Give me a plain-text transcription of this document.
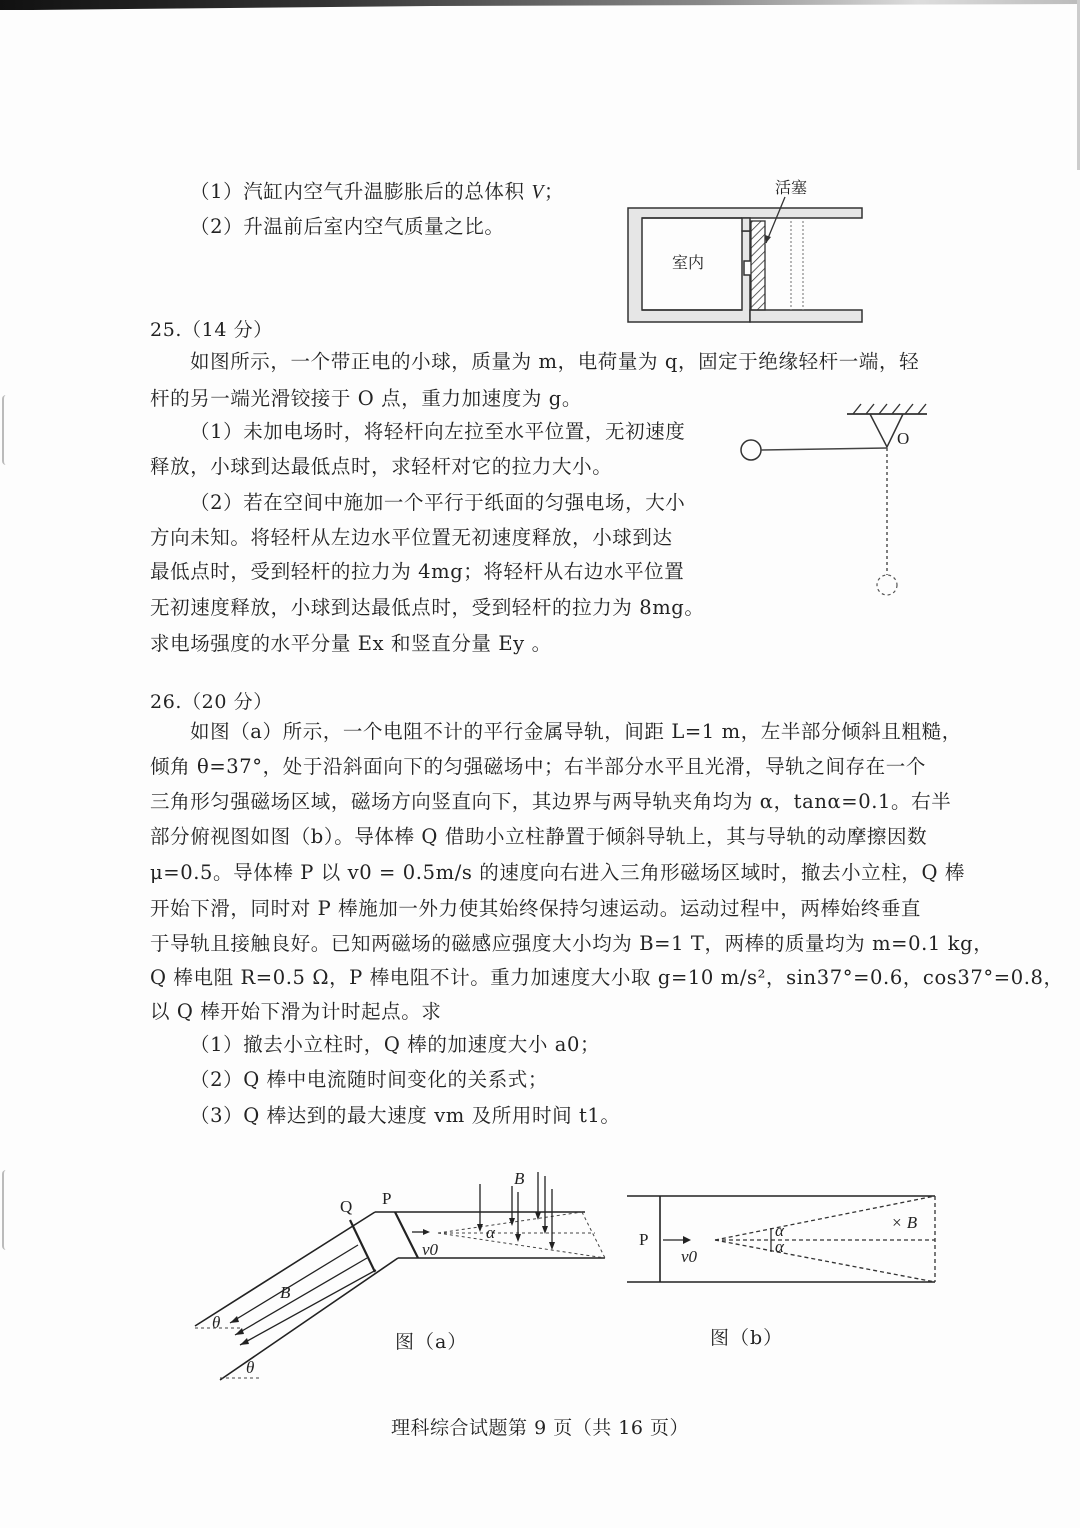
（1）汽缸内空气升温膨胀后的总体积 V；
（2）升温前后室内空气质量之比。
活塞
室内
25.（14 分）
如图所示，一个带正电的小球，质量为 m，电荷量为 q，固定于绝缘轻杆一端，轻
杆的另一端光滑铰接于 O 点，重力加速度为 g。
（1）未加电场时，将轻杆向左拉至水平位置，无初速度
释放，小球到达最低点时，求轻杆对它的拉力大小。
（2）若在空间中施加一个平行于纸面的匀强电场，大小
方向未知。将轻杆从左边水平位置无初速度释放，小球到达
最低点时，受到轻杆的拉力为 4mg；将轻杆从右边水平位置
无初速度释放，小球到达最低点时，受到轻杆的拉力为 8mg。
求电场强度的水平分量 Ex 和竖直分量 Ey 。
O
26.（20 分）
如图（a）所示，一个电阻不计的平行金属导轨，间距 L=1 m，左半部分倾斜且粗糙，
倾角 θ=37°，处于沿斜面向下的匀强磁场中；右半部分水平且光滑，导轨之间存在一个
三角形匀强磁场区域，磁场方向竖直向下，其边界与两导轨夹角均为 α，tanα=0.1。右半
部分俯视图如图（b）。导体棒 Q 借助小立柱静置于倾斜导轨上，其与导轨的动摩擦因数
μ=0.5。导体棒 P 以 v0 = 0.5m/s 的速度向右进入三角形磁场区域时，撤去小立柱，Q 棒
开始下滑，同时对 P 棒施加一外力使其始终保持匀速运动。运动过程中，两棒始终垂直
于导轨且接触良好。已知两磁场的磁感应强度大小均为 B=1 T，两棒的质量均为 m=0.1 kg，
Q 棒电阻 R=0.5 Ω，P 棒电阻不计。重力加速度大小取 g=10 m/s²，sin37°=0.6，cos37°=0.8，
以 Q 棒开始下滑为计时起点。求
（1）撤去小立柱时，Q 棒的加速度大小 a0；
（2）Q 棒中电流随时间变化的关系式；
（3）Q 棒达到的最大速度 vm 及所用时间 t1。
B
Q P
B
v0
α
θ
θ
图（a）
P
v0
α
α
× B
图（b）
理科综合试题第 9 页（共 16 页）
